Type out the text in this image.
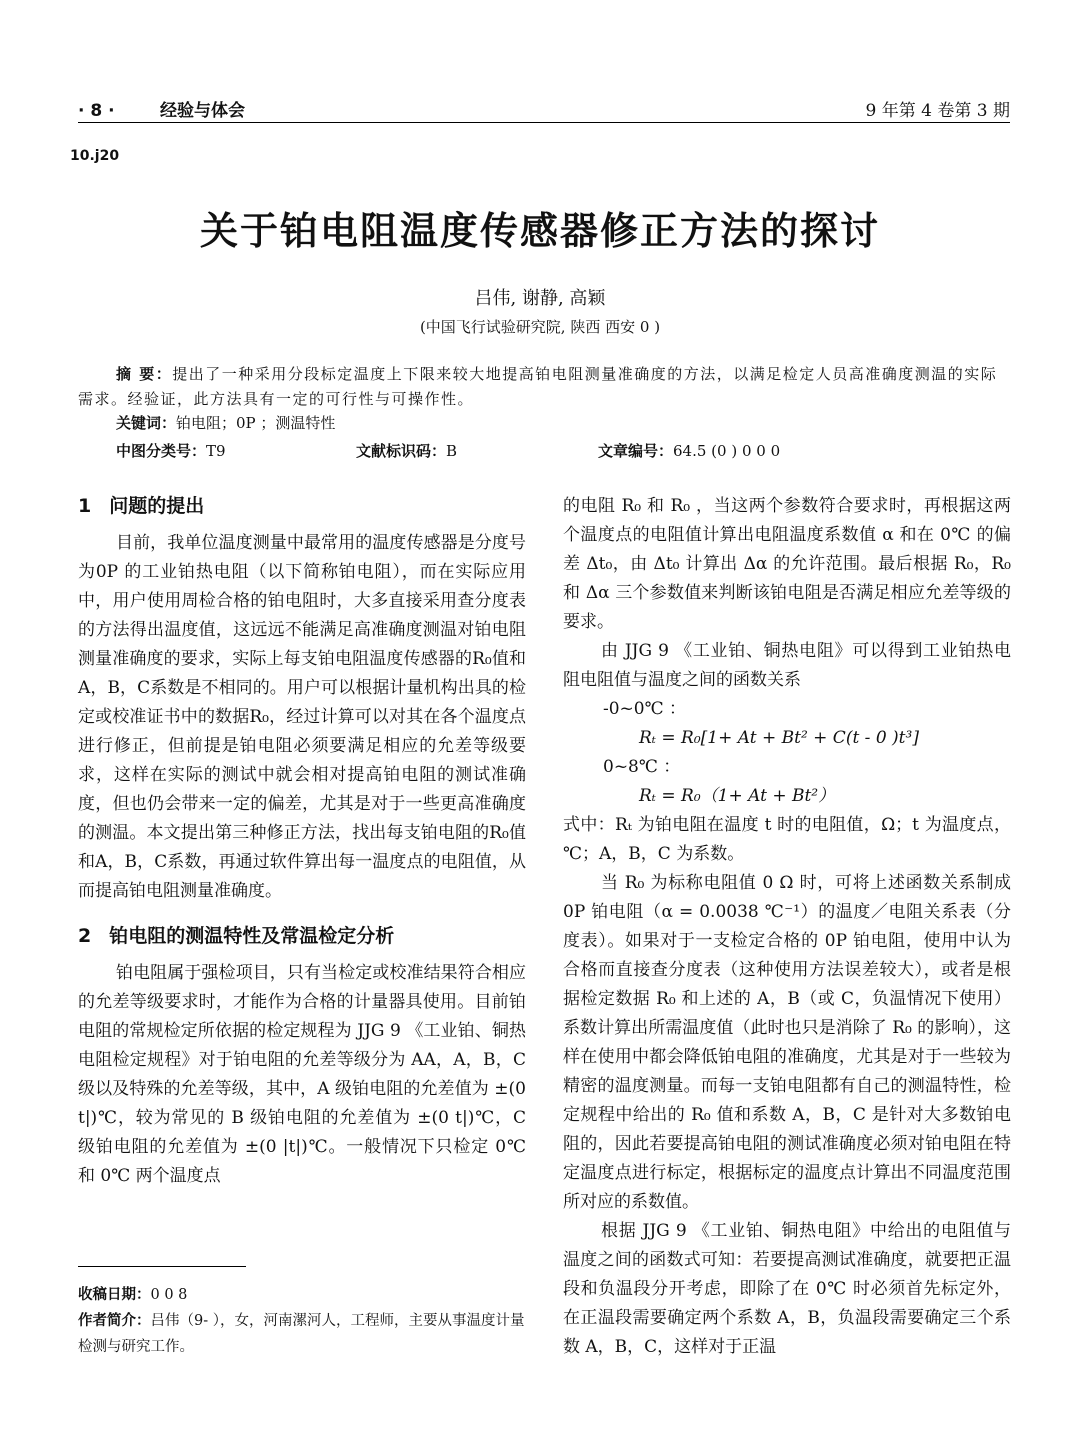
· 8 ·	经验与体会	9 年第 4 卷第 3 期
10.j20
关于铂电阻温度传感器修正方法的探讨
吕伟, 谢静, 高颖
(中国飞行试验研究院, 陕西 西安 0 )
摘 要：提出了一种采用分段标定温度上下限来较大地提高铂电阻测量准确度的方法，以满足检定人员高准确度测温的实际需求。经验证，此方法具有一定的可行性与可操作性。
关键词：铂电阻；0P ；测温特性
中图分类号：T9	文献标识码：B	文章编号：64.5 (0 ) 0 0 0
1 问题的提出

目前，我单位温度测量中最常用的温度传感器是分度号为0P 的工业铂热电阻（以下简称铂电阻），而在实际应用中，用户使用周检合格的铂电阻时，大多直接采用查分度表的方法得出温度值，这远远不能满足高准确度测温对铂电阻测量准确度的要求，实际上每支铂电阻温度传感器的R₀值和A，B，C系数是不相同的。用户可以根据计量机构出具的检定或校准证书中的数据R₀，经过计算可以对其在各个温度点进行修正，但前提是铂电阻必须要满足相应的允差等级要求，这样在实际的测试中就会相对提高铂电阻的测试准确度，但也仍会带来一定的偏差，尤其是对于一些更高准确度的测温。本文提出第三种修正方法，找出每支铂电阻的R₀值和A，B，C系数，再通过软件算出每一温度点的电阻值，从而提高铂电阻测量准确度。

2 铂电阻的测温特性及常温检定分析

铂电阻属于强检项目，只有当检定或校准结果符合相应的允差等级要求时，才能作为合格的计量器具使用。目前铂电阻的常规检定所依据的检定规程为 JJG 9 《工业铂、铜热电阻检定规程》对于铂电阻的允差等级分为 AA，A，B，C 级以及特殊的允差等级，其中，A 级铂电阻的允差值为 ±(0 t|)℃，较为常见的 B 级铂电阻的允差值为 ±(0 t|)℃，C 级铂电阻的允差值为 ±(0 |t|)℃。一般情况下只检定 0℃ 和 0℃ 两个温度点

的电阻 R₀ 和 R₀ ，当这两个参数符合要求时，再根据这两个温度点的电阻值计算出电阻温度系数值 α 和在 0℃ 的偏差 Δt₀，由 Δt₀ 计算出 Δα 的允许范围。最后根据 R₀，R₀ 和 Δα 三个参数值来判断该铂电阻是否满足相应允差等级的要求。

由 JJG 9 《工业铂、铜热电阻》可以得到工业铂热电阻电阻值与温度之间的函数关系

-0~0℃ ：
Rₜ = R₀[1+ At + Bt² + C(t - 0 )t³]
0~8℃ ：
Rₜ = R₀（1+ At + Bt²）

式中：Rₜ 为铂电阻在温度 t 时的电阻值，Ω；t 为温度点，℃；A，B，C 为系数。

当 R₀ 为标称电阻值 0 Ω 时，可将上述函数关系制成 0P 铂电阻（α = 0.0038 ℃⁻¹）的温度／电阻关系表（分度表）。如果对于一支检定合格的 0P 铂电阻，使用中认为合格而直接查分度表（这种使用方法误差较大），或者是根据检定数据 R₀ 和上述的 A，B（或 C，负温情况下使用）系数计算出所需温度值（此时也只是消除了 R₀ 的影响），这样在使用中都会降低铂电阻的准确度，尤其是对于一些较为精密的温度测量。而每一支铂电阻都有自己的测温特性，检定规程中给出的 R₀ 值和系数 A，B，C 是针对大多数铂电阻的，因此若要提高铂电阻的测试准确度必须对铂电阻在特定温度点进行标定，根据标定的温度点计算出不同温度范围所对应的系数值。

根据 JJG 9 《工业铂、铜热电阻》中给出的电阻值与温度之间的函数式可知：若要提高测试准确度，就要把正温段和负温段分开考虑，即除了在 0℃ 时必须首先标定外，在正温段需要确定两个系数 A，B，负温段需要确定三个系数 A，B，C，这样对于正温

收稿日期：0 0 8
作者简介：吕伟（9- ），女，河南漯河人，工程师，主要从事温度计量检测与研究工作。
